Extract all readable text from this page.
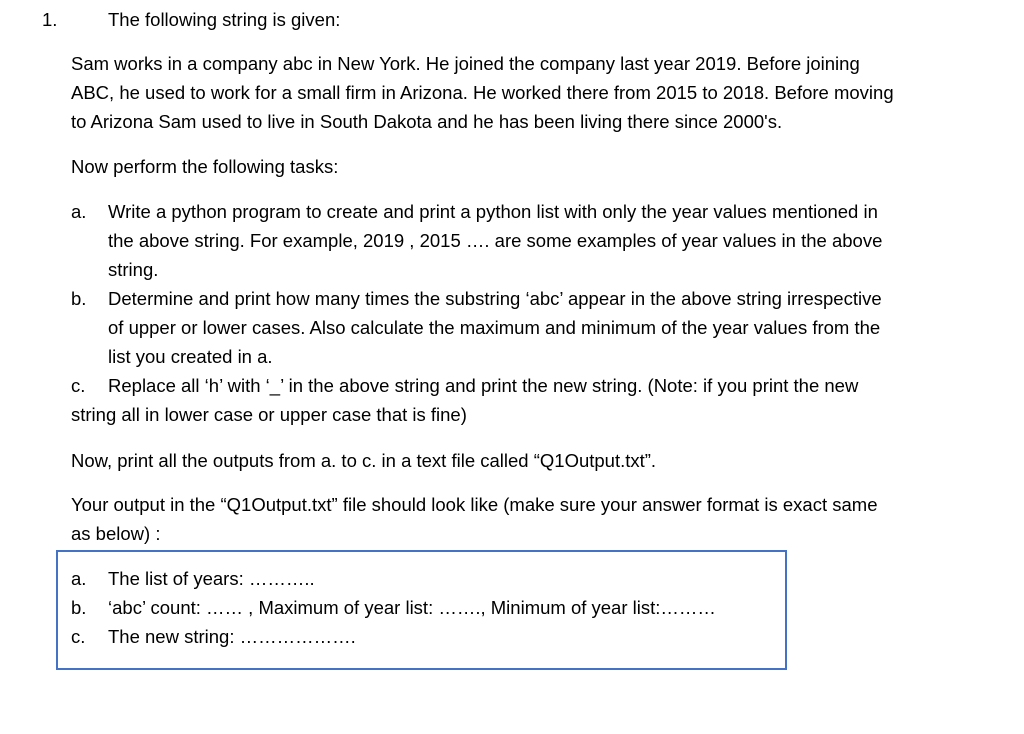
1.	The following string is given:
Sam works in a company abc in New York. He joined the company last year 2019. Before joining
ABC, he used to work for a small firm in Arizona. He worked there from 2015 to 2018. Before moving
to Arizona Sam used to live in South Dakota and he has been living there since 2000's.
Now perform the following tasks:
a. Write a python program to create and print a python list with only the year values mentioned in
the above string. For example, 2019 , 2015 …. are some examples of year values in the above
string.
b. Determine and print how many times the substring ‘abc’ appear in the above string irrespective
of upper or lower cases. Also calculate the maximum and minimum of the year values from the
list you created in a.
c. Replace all ‘h’ with ‘_’ in the above string and print the new string. (Note: if you print the new
string all in lower case or upper case that is fine)
Now, print all the outputs from a. to c. in a text file called “Q1Output.txt”.
Your output in the “Q1Output.txt” file should look like (make sure your answer format is exact same
as below) :
a. The list of years: ………..
b. ‘abc’ count: …… , Maximum of year list: ……., Minimum of year list:………
c. The new string: ……………….
